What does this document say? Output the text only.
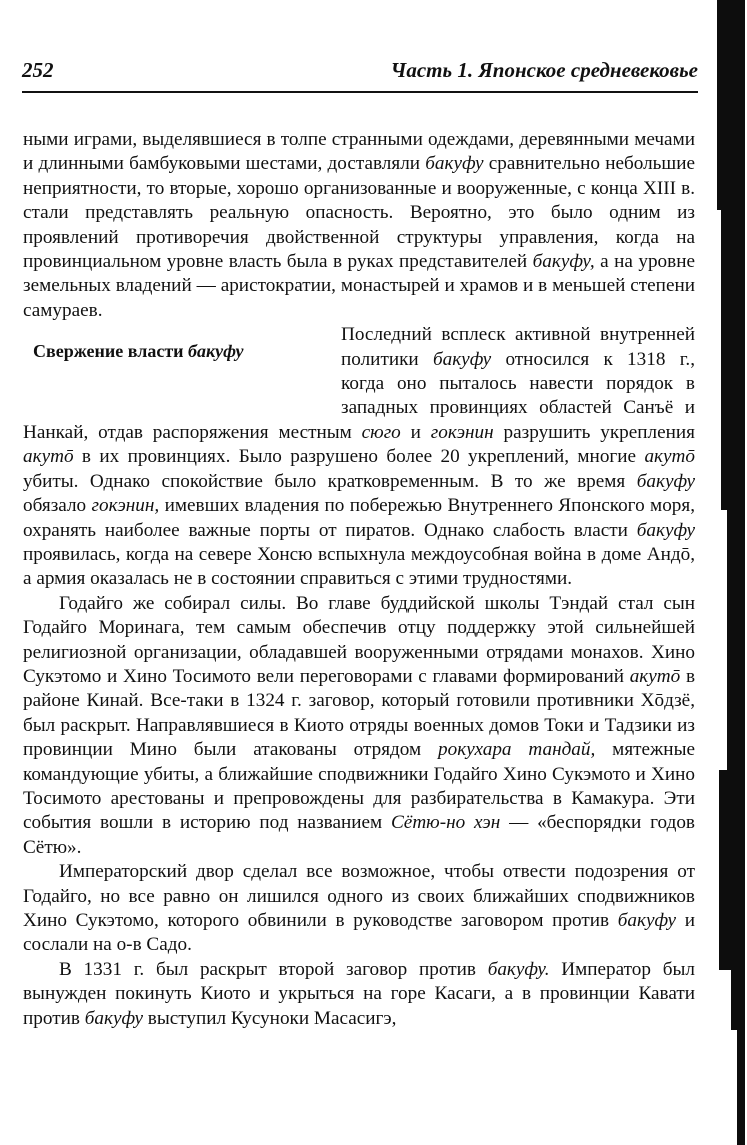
252	Часть 1. Японское средневековье

ными играми, выделявшиеся в толпе странными одеждами, деревянными мечами и длинными бамбуковыми шестами, доставляли бакуфу сравнительно небольшие неприятности, то вторые, хорошо организованные и вооруженные, с конца XIII в. стали представлять реальную опасность. Вероятно, это было одним из проявлений противоречия двойственной структуры управления, когда на провинциальном уровне власть была в руках представителей бакуфу, а на уровне земельных владений — аристократии, монастырей и храмов и в меньшей степени самураев.

Свержение власти бакуфу
Последний всплеск активной внутренней политики бакуфу относился к 1318 г., когда оно пыталось навести порядок в западных провинциях областей Санъё и Нанкай, отдав распоряжения местным сюго и гокэнин разрушить укрепления акутō в их провинциях. Было разрушено более 20 укреплений, многие акутō убиты. Однако спокойствие было кратковременным. В то же время бакуфу обязало гокэнин, имевших владения по побережью Внутреннего Японского моря, охранять наиболее важные порты от пиратов. Однако слабость власти бакуфу проявилась, когда на севере Хонсю вспыхнула междоусобная война в доме Андō, а армия оказалась не в состоянии справиться с этими трудностями.

Годайго же собирал силы. Во главе буддийской школы Тэндай стал сын Годайго Моринага, тем самым обеспечив отцу поддержку этой сильнейшей религиозной организации, обладавшей вооруженными отрядами монахов. Хино Сукэтомо и Хино Тосимото вели переговорами с главами формирований акутō в районе Кинай. Все-таки в 1324 г. заговор, который готовили противники Хōдзё, был раскрыт. Направлявшиеся в Киото отряды военных домов Токи и Тадзики из провинции Мино были атакованы отрядом рокухара тандай, мятежные командующие убиты, а ближайшие сподвижники Годайго Хино Сукэмото и Хино Тосимото арестованы и препровождены для разбирательства в Камакура. Эти события вошли в историю под названием Сётю-но хэн — «беспорядки годов Сётю».

Императорский двор сделал все возможное, чтобы отвести подозрения от Годайго, но все равно он лишился одного из своих ближайших сподвижников Хино Сукэтомо, которого обвинили в руководстве заговором против бакуфу и сослали на о-в Садо.

В 1331 г. был раскрыт второй заговор против бакуфу. Император был вынужден покинуть Киото и укрыться на горе Касаги, а в провинции Кавати против бакуфу выступил Кусуноки Масасигэ,
